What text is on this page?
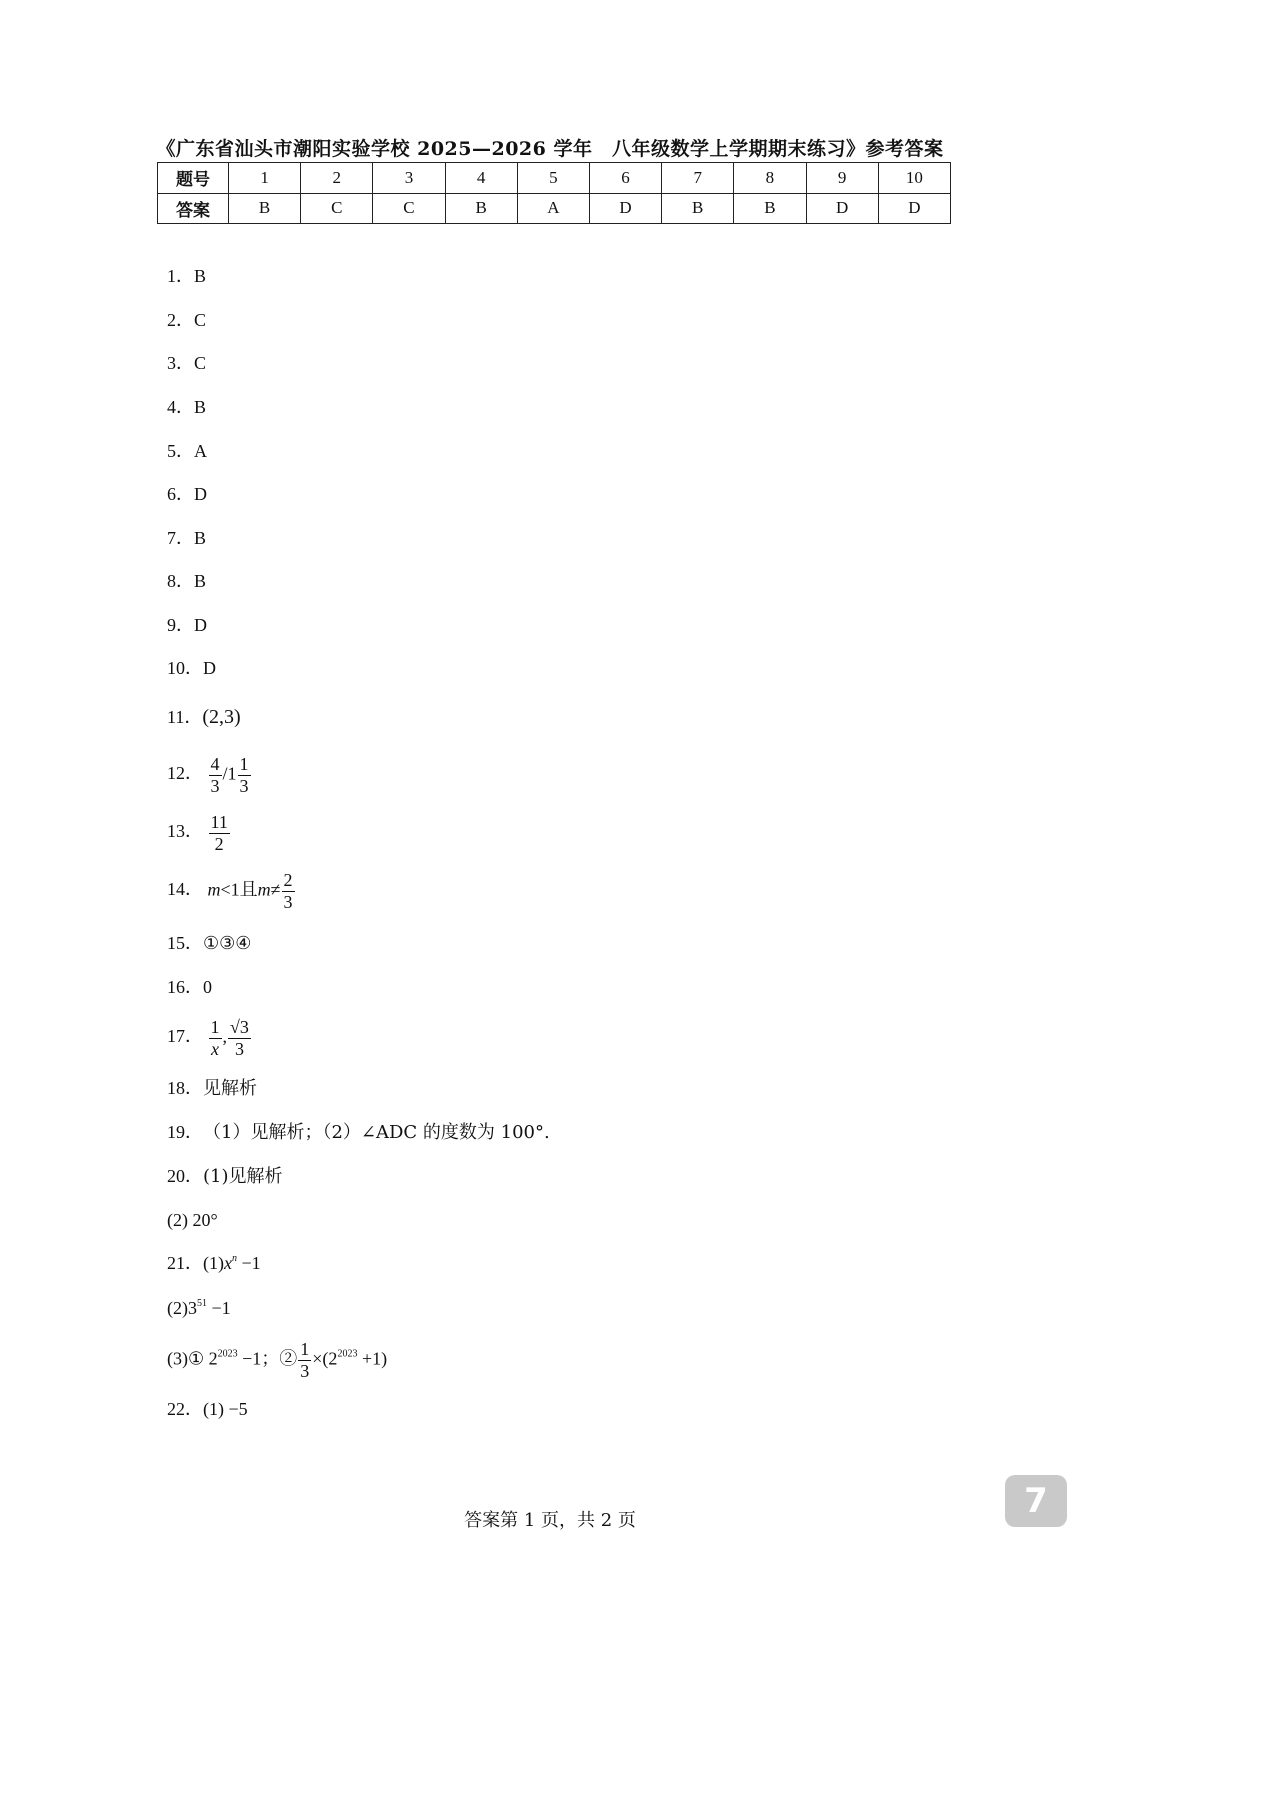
《广东省汕头市潮阳实验学校 2025—2026 学年　八年级数学上学期期末练习》参考答案
题号	1	2	3	4	5	6	7	8	9	10
答案	B	C	C	B	A	D	B	B	D	D
1．B
2．C
3．C
4．B
5．A
6．D
7．B
8．B
9．D
10．D
11．(2,3)
12． $\frac{4}{3} /1 \frac{1}{3}$
13． $\frac{11}{2}$
14． m<1且$m\ne \frac{2}{3}$
15．①③④
16．0
17． $\frac{1}{x}$ , $\frac{√3}{3}$
18．见解析
19．（1）见解析；（2）∠ADC 的度数为 100°.
20．(1)见解析
(2) 20°
21．$(1)x^n -1$
$(2)3^{51} -1$
(3)① $2^{2023} -1$；② $\frac{1}{3} \times(2^{2023} +1)$
22．(1) −5
答案第 1 页，共 2 页	7
